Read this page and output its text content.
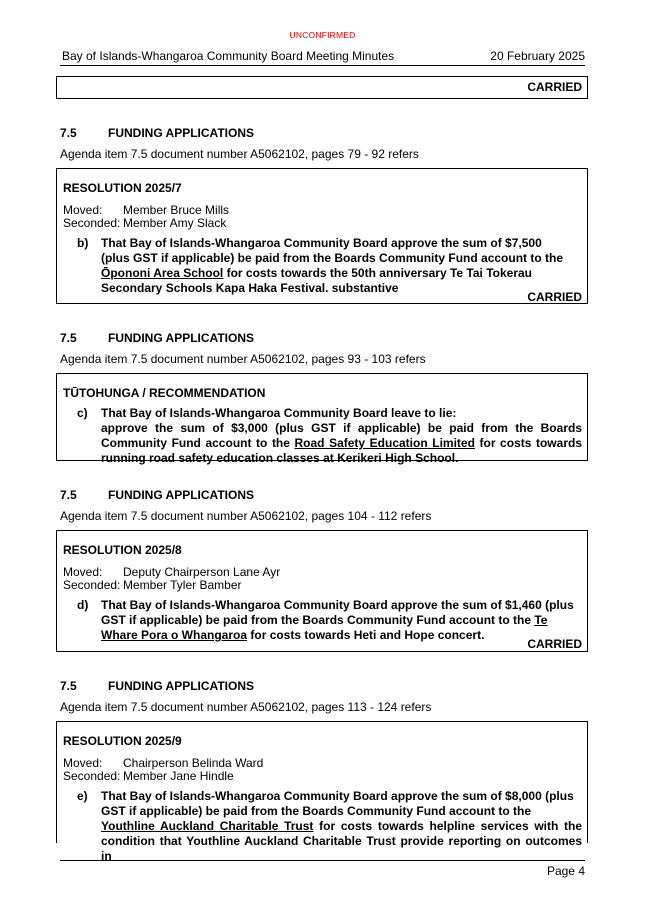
UNCONFIRMED
Bay of Islands-Whangaroa Community Board Meeting Minutes	20 February 2025
CARRIED
7.5	FUNDING APPLICATIONS
Agenda item 7.5 document number A5062102, pages 79 - 92 refers
RESOLUTION 2025/7
Moved: Member Bruce Mills
Seconded: Member Amy Slack
b) That Bay of Islands-Whangaroa Community Board approve the sum of $7,500
(plus GST if applicable) be paid from the Boards Community Fund account to the
Ōpononi Area School for costs towards the 50th anniversary Te Tai Tokerau
Secondary Schools Kapa Haka Festival. substantive
CARRIED
7.5	FUNDING APPLICATIONS
Agenda item 7.5 document number A5062102, pages 93 - 103 refers
TŪTOHUNGA / RECOMMENDATION
c) That Bay of Islands-Whangaroa Community Board leave to lie:
approve the sum of $3,000 (plus GST if applicable) be paid from the Boards
Community Fund account to the Road Safety Education Limited for costs towards
running road safety education classes at Kerikeri High School.
7.5	FUNDING APPLICATIONS
Agenda item 7.5 document number A5062102, pages 104 - 112 refers
RESOLUTION 2025/8
Moved: Deputy Chairperson Lane Ayr
Seconded: Member Tyler Bamber
d) That Bay of Islands-Whangaroa Community Board approve the sum of $1,460 (plus
GST if applicable) be paid from the Boards Community Fund account to the Te
Whare Pora o Whangaroa for costs towards Heti and Hope concert.
CARRIED
7.5	FUNDING APPLICATIONS
Agenda item 7.5 document number A5062102, pages 113 - 124 refers
RESOLUTION 2025/9
Moved: Chairperson Belinda Ward
Seconded: Member Jane Hindle
e) That Bay of Islands-Whangaroa Community Board approve the sum of $8,000 (plus
GST if applicable) be paid from the Boards Community Fund account to the
Youthline Auckland Charitable Trust for costs towards helpline services with the
condition that Youthline Auckland Charitable Trust provide reporting on outcomes in
Page 4
